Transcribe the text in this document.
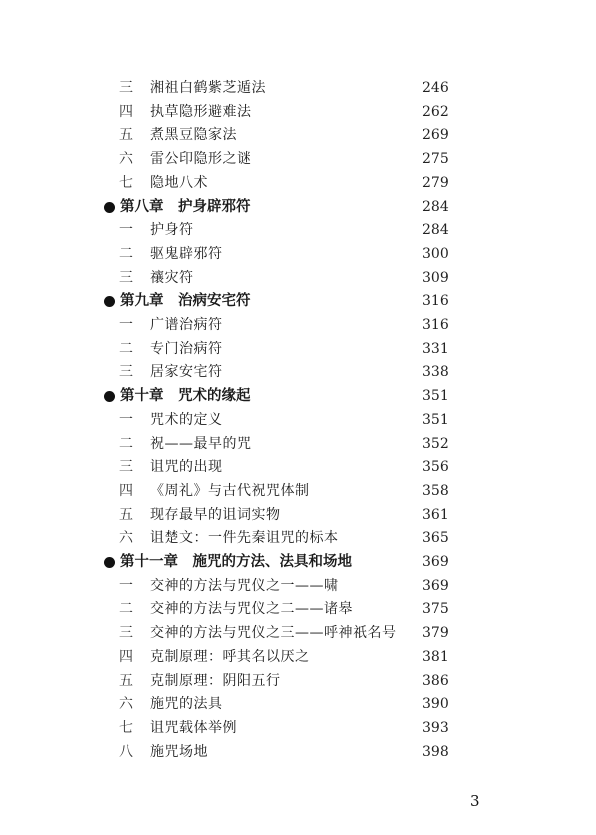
三 湘祖白鹤紫芝遁法	246
四 执草隐形避难法	262
五 煮黑豆隐家法	269
六 雷公印隐形之谜	275
七 隐地八术	279
第八章　护身辟邪符	284
一 护身符	284
二 驱鬼辟邪符	300
三 禳灾符	309
第九章　治病安宅符	316
一 广谱治病符	316
二 专门治病符	331
三 居家安宅符	338
第十章　咒术的缘起	351
一 咒术的定义	351
二 祝——最早的咒	352
三 诅咒的出现	356
四 《周礼》与古代祝咒体制	358
五 现存最早的诅词实物	361
六 诅楚文：一件先秦诅咒的标本	365
第十一章　施咒的方法、法具和场地	369
一 交神的方法与咒仪之一——啸	369
二 交神的方法与咒仪之二——诸皋	375
三 交神的方法与咒仪之三——呼神祇名号 379
四 克制原理：呼其名以厌之	381
五 克制原理：阴阳五行	386
六 施咒的法具	390
七 诅咒载体举例	393
八 施咒场地	398
3
